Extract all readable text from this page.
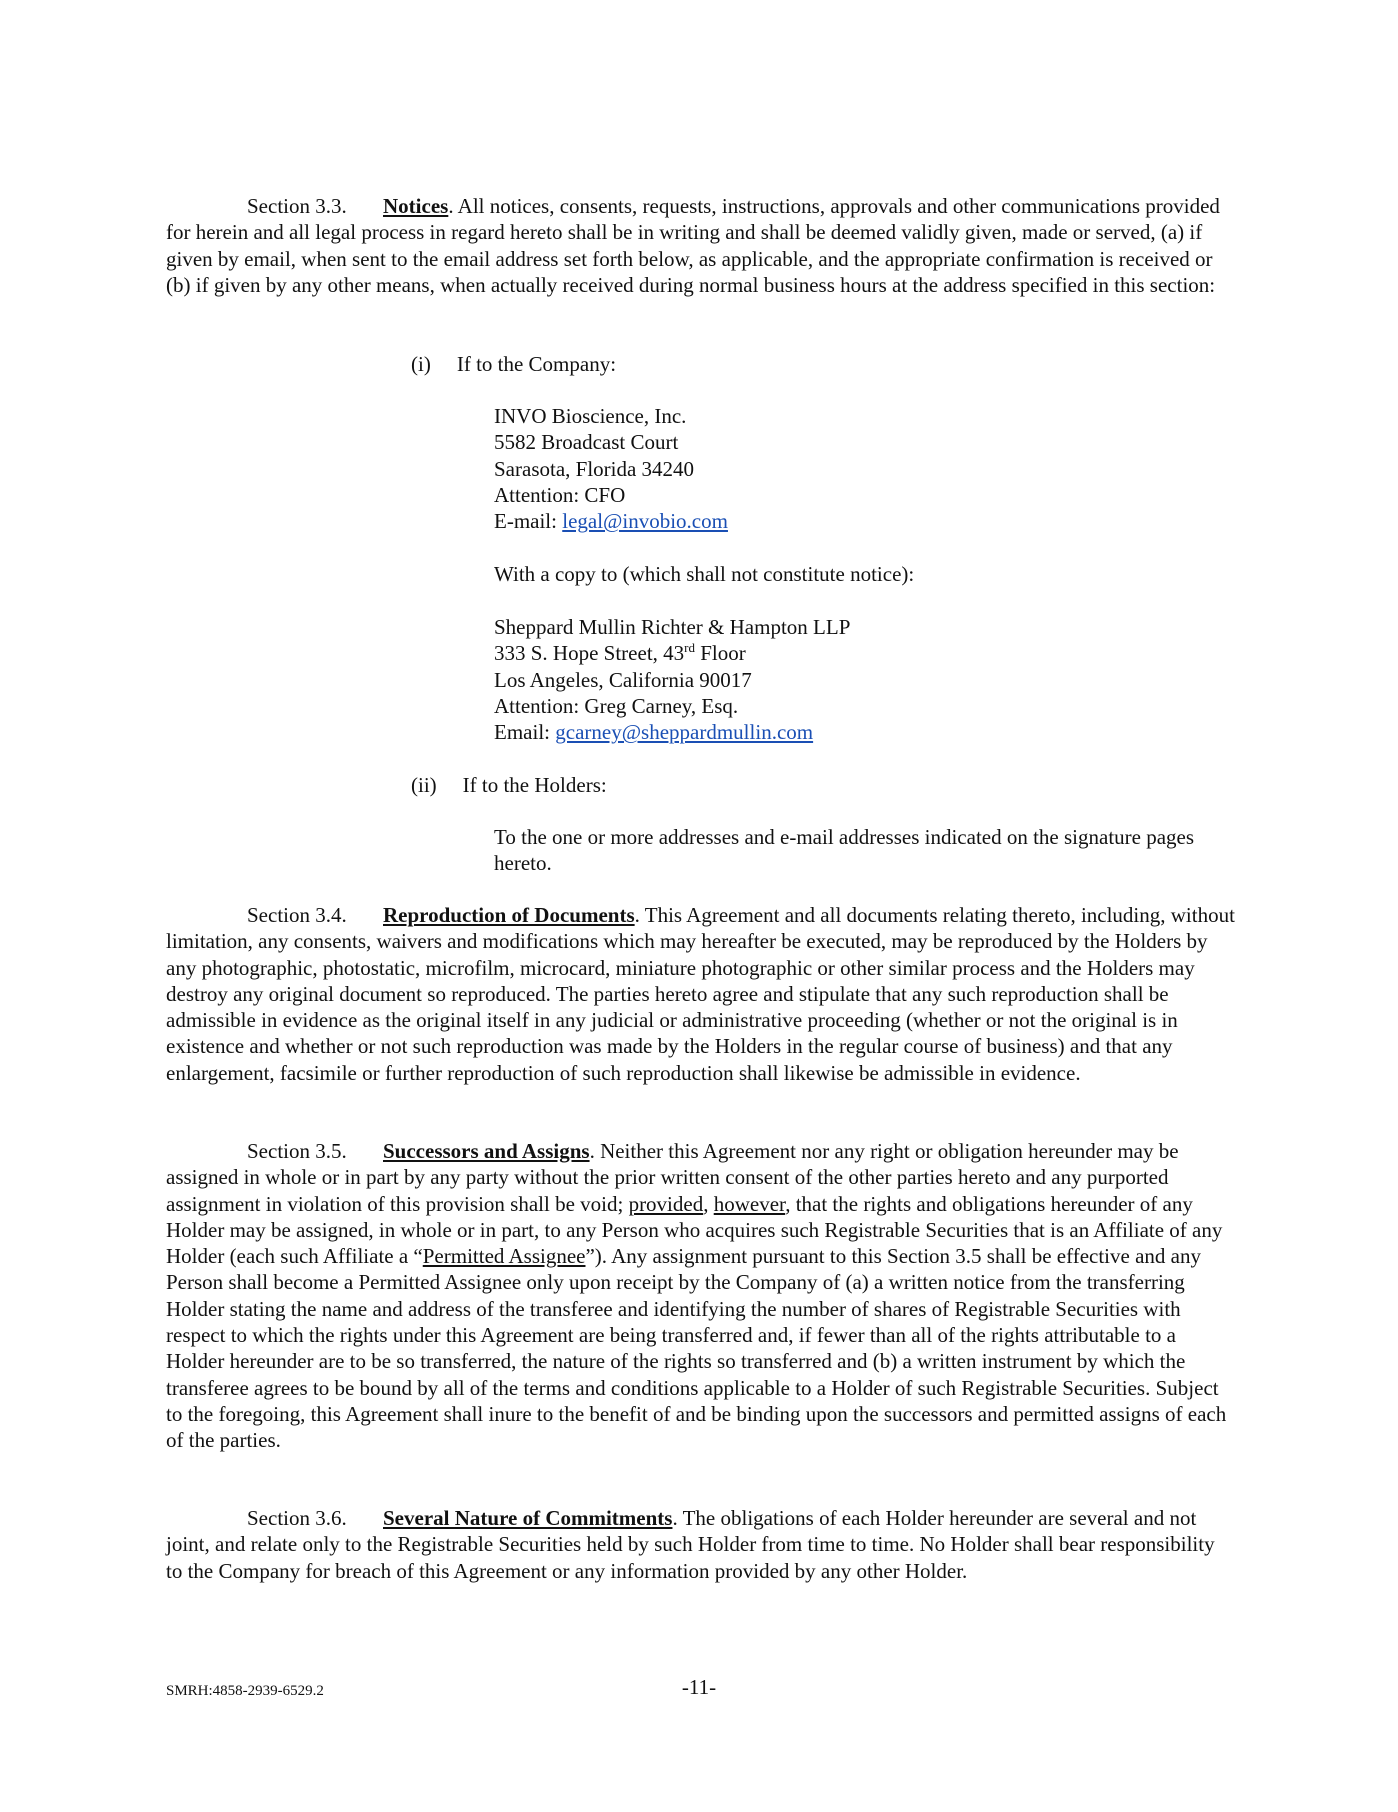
Section 3.3. Notices. All notices, consents, requests, instructions, approvals and other communications provided for herein and all legal process in regard hereto shall be in writing and shall be deemed validly given, made or served, (a) if given by email, when sent to the email address set forth below, as applicable, and the appropriate confirmation is received or (b) if given by any other means, when actually received during normal business hours at the address specified in this section:

(i) If to the Company:
INVO Bioscience, Inc.
5582 Broadcast Court
Sarasota, Florida 34240
Attention: CFO
E-mail: legal@invobio.com
With a copy to (which shall not constitute notice):
Sheppard Mullin Richter & Hampton LLP
333 S. Hope Street, 43rd Floor
Los Angeles, California 90017
Attention: Greg Carney, Esq.
Email: gcarney@sheppardmullin.com
(ii) If to the Holders:
To the one or more addresses and e-mail addresses indicated on the signature pages hereto.

Section 3.4. Reproduction of Documents. This Agreement and all documents relating thereto, including, without limitation, any consents, waivers and modifications which may hereafter be executed, may be reproduced by the Holders by any photographic, photostatic, microfilm, microcard, miniature photographic or other similar process and the Holders may destroy any original document so reproduced. The parties hereto agree and stipulate that any such reproduction shall be admissible in evidence as the original itself in any judicial or administrative proceeding (whether or not the original is in existence and whether or not such reproduction was made by the Holders in the regular course of business) and that any enlargement, facsimile or further reproduction of such reproduction shall likewise be admissible in evidence.

Section 3.5. Successors and Assigns. Neither this Agreement nor any right or obligation hereunder may be assigned in whole or in part by any party without the prior written consent of the other parties hereto and any purported assignment in violation of this provision shall be void; provided, however, that the rights and obligations hereunder of any Holder may be assigned, in whole or in part, to any Person who acquires such Registrable Securities that is an Affiliate of any Holder (each such Affiliate a “Permitted Assignee”). Any assignment pursuant to this Section 3.5 shall be effective and any Person shall become a Permitted Assignee only upon receipt by the Company of (a) a written notice from the transferring Holder stating the name and address of the transferee and identifying the number of shares of Registrable Securities with respect to which the rights under this Agreement are being transferred and, if fewer than all of the rights attributable to a Holder hereunder are to be so transferred, the nature of the rights so transferred and (b) a written instrument by which the transferee agrees to be bound by all of the terms and conditions applicable to a Holder of such Registrable Securities. Subject to the foregoing, this Agreement shall inure to the benefit of and be binding upon the successors and permitted assigns of each of the parties.

Section 3.6. Several Nature of Commitments. The obligations of each Holder hereunder are several and not joint, and relate only to the Registrable Securities held by such Holder from time to time. No Holder shall bear responsibility to the Company for breach of this Agreement or any information provided by any other Holder.

SMRH:4858-2939-6529.2	-11-
